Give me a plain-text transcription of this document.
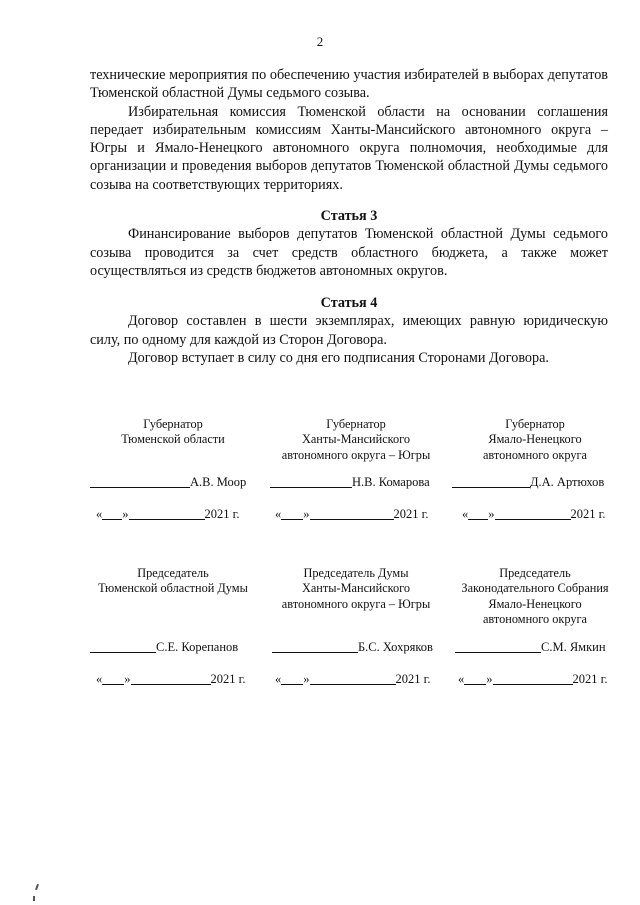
2

технические мероприятия по обеспечению участия избирателей в выборах депутатов Тюменской областной Думы седьмого созыва.

Избирательная комиссия Тюменской области на основании соглашения передает избирательным комиссиям Ханты-Мансийского автономного округа – Югры и Ямало-Ненецкого автономного округа полномочия, необходимые для организации и проведения выборов депутатов Тюменской областной Думы седьмого созыва на соответствующих территориях.

Статья 3

Финансирование выборов депутатов Тюменской областной Думы седьмого созыва проводится за счет средств областного бюджета, а также может осуществляться из средств бюджетов автономных округов.

Статья 4

Договор составлен в шести экземплярах, имеющих равную юридическую силу, по одному для каждой из Сторон Договора.

Договор вступает в силу со дня его подписания Сторонами Договора.

Губернатор
Тюменской области
Губернатор
Ханты-Мансийского
автономного округа – Югры
Губернатор
Ямало-Ненецкого
автономного округа
А.В. Моор	Н.В. Комарова	Д.А. Артюхов
« »	2021 г.	« »	2021 г.	« »	2021 г.
Председатель
Тюменской областной Думы
Председатель Думы
Ханты-Мансийского
автономного округа – Югры
Председатель
Законодательного Собрания
Ямало-Ненецкого
автономного округа
С.Е. Корепанов	Б.С. Хохряков	С.М. Ямкин
« »	2021 г. « »	2021 г. « »	2021 г.
